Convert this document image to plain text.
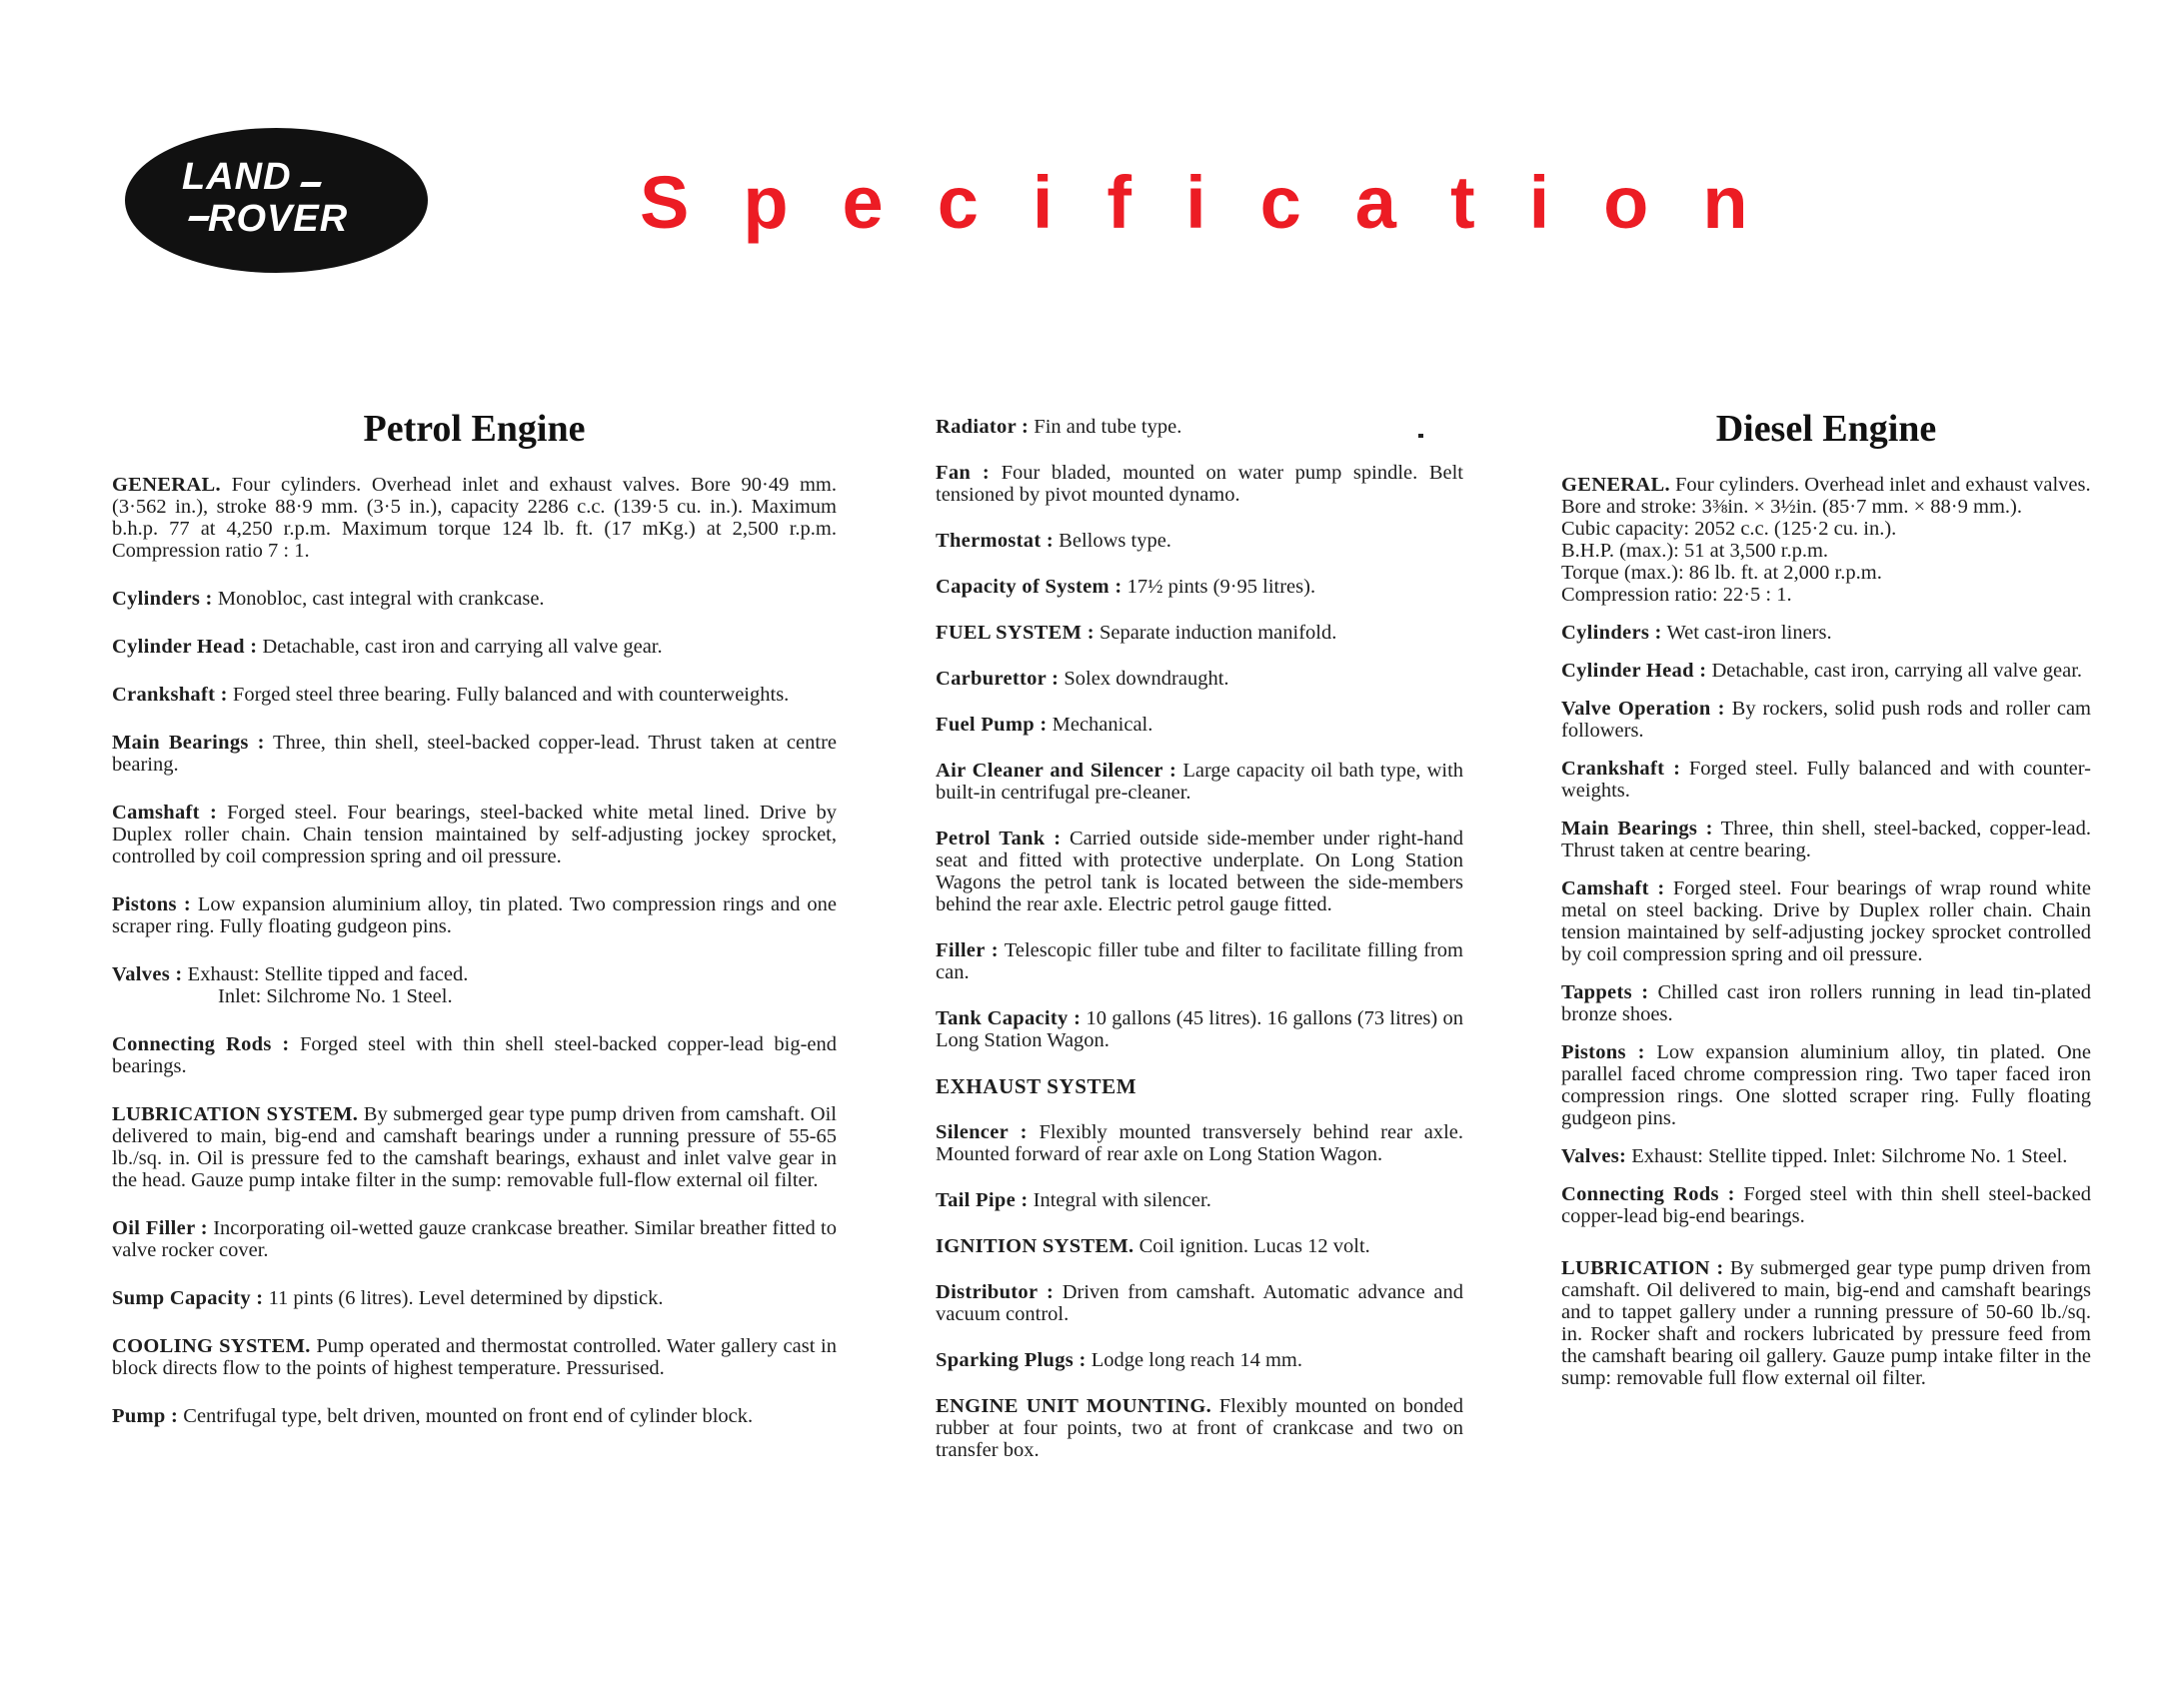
LAND
ROVER	Specification
Petrol Engine

GENERAL. Four cylinders. Overhead inlet and exhaust valves. Bore 90·49 mm. (3·562 in.), stroke 88·9 mm. (3·5 in.), capacity 2286 c.c. (139·5 cu. in.). Maximum b.h.p. 77 at 4,250 r.p.m. Maximum torque 124 lb. ft. (17 mKg.) at 2,500 r.p.m. Compression ratio 7 : 1.

Cylinders : Monobloc, cast integral with crankcase.

Cylinder Head : Detachable, cast iron and carrying all valve gear.

Crankshaft : Forged steel three bearing. Fully balanced and with counterweights.

Main Bearings : Three, thin shell, steel-backed copper-lead. Thrust taken at centre bearing.

Camshaft : Forged steel. Four bearings, steel-backed white metal lined. Drive by Duplex roller chain. Chain tension maintained by self-adjusting jockey sprocket, controlled by coil compression spring and oil pressure.

Pistons : Low expansion aluminium alloy, tin plated. Two compression rings and one scraper ring. Fully floating gudgeon pins.

Valves : Exhaust: Stellite tipped and faced.
Inlet: Silchrome No. 1 Steel.

Connecting Rods : Forged steel with thin shell steel-backed copper-lead big-end bearings.

LUBRICATION SYSTEM. By submerged gear type pump driven from camshaft. Oil delivered to main, big-end and camshaft bearings under a running pressure of 55-65 lb./sq. in. Oil is pressure fed to the camshaft bearings, exhaust and inlet valve gear in the head. Gauze pump intake filter in the sump: removable full-flow external oil filter.

Oil Filler : Incorporating oil-wetted gauze crankcase breather. Similar breather fitted to valve rocker cover.

Sump Capacity : 11 pints (6 litres). Level determined by dipstick.

COOLING SYSTEM. Pump operated and thermostat controlled. Water gallery cast in block directs flow to the points of highest temperature. Pressurised.

Pump : Centrifugal type, belt driven, mounted on front end of cylinder block.

Radiator : Fin and tube type.

Fan : Four bladed, mounted on water pump spindle. Belt tensioned by pivot mounted dynamo.

Thermostat : Bellows type.

Capacity of System : 17½ pints (9·95 litres).

FUEL SYSTEM : Separate induction manifold.

Carburettor : Solex downdraught.

Fuel Pump : Mechanical.

Air Cleaner and Silencer : Large capacity oil bath type, with built-in centrifugal pre-cleaner.

Petrol Tank : Carried outside side-member under right-hand seat and fitted with protective underplate. On Long Station Wagons the petrol tank is located between the side-members behind the rear axle. Electric petrol gauge fitted.

Filler : Telescopic filler tube and filter to facilitate filling from can.

Tank Capacity : 10 gallons (45 litres). 16 gallons (73 litres) on Long Station Wagon.

EXHAUST SYSTEM

Silencer : Flexibly mounted transversely behind rear axle. Mounted forward of rear axle on Long Station Wagon.

Tail Pipe : Integral with silencer.

IGNITION SYSTEM. Coil ignition. Lucas 12 volt.

Distributor : Driven from camshaft. Automatic advance and vacuum control.

Sparking Plugs : Lodge long reach 14 mm.

ENGINE UNIT MOUNTING. Flexibly mounted on bonded rubber at four points, two at front of crankcase and two on transfer box.

Diesel Engine

GENERAL. Four cylinders. Overhead inlet and exhaust valves.
Bore and stroke: 3⅜in. × 3½in. (85·7 mm. × 88·9 mm.).
Cubic capacity: 2052 c.c. (125·2 cu. in.).
B.H.P. (max.): 51 at 3,500 r.p.m.
Torque (max.): 86 lb. ft. at 2,000 r.p.m.
Compression ratio: 22·5 : 1.

Cylinders : Wet cast-iron liners.

Cylinder Head : Detachable, cast iron, carrying all valve gear.

Valve Operation : By rockers, solid push rods and roller cam followers.

Crankshaft : Forged steel. Fully balanced and with counter-weights.

Main Bearings : Three, thin shell, steel-backed, copper-lead. Thrust taken at centre bearing.

Camshaft : Forged steel. Four bearings of wrap round white metal on steel backing. Drive by Duplex roller chain. Chain tension maintained by self-adjusting jockey sprocket controlled by coil compression spring and oil pressure.

Tappets : Chilled cast iron rollers running in lead tin-plated bronze shoes.

Pistons : Low expansion aluminium alloy, tin plated. One parallel faced chrome compression ring. Two taper faced iron compression rings. One slotted scraper ring. Fully floating gudgeon pins.

Valves: Exhaust: Stellite tipped. Inlet: Silchrome No. 1 Steel.

Connecting Rods : Forged steel with thin shell steel-backed copper-lead big-end bearings.

LUBRICATION : By submerged gear type pump driven from camshaft. Oil delivered to main, big-end and camshaft bearings and to tappet gallery under a running pressure of 50-60 lb./sq. in. Rocker shaft and rockers lubricated by pressure feed from the camshaft bearing oil gallery. Gauze pump intake filter in the sump: removable full flow external oil filter.
